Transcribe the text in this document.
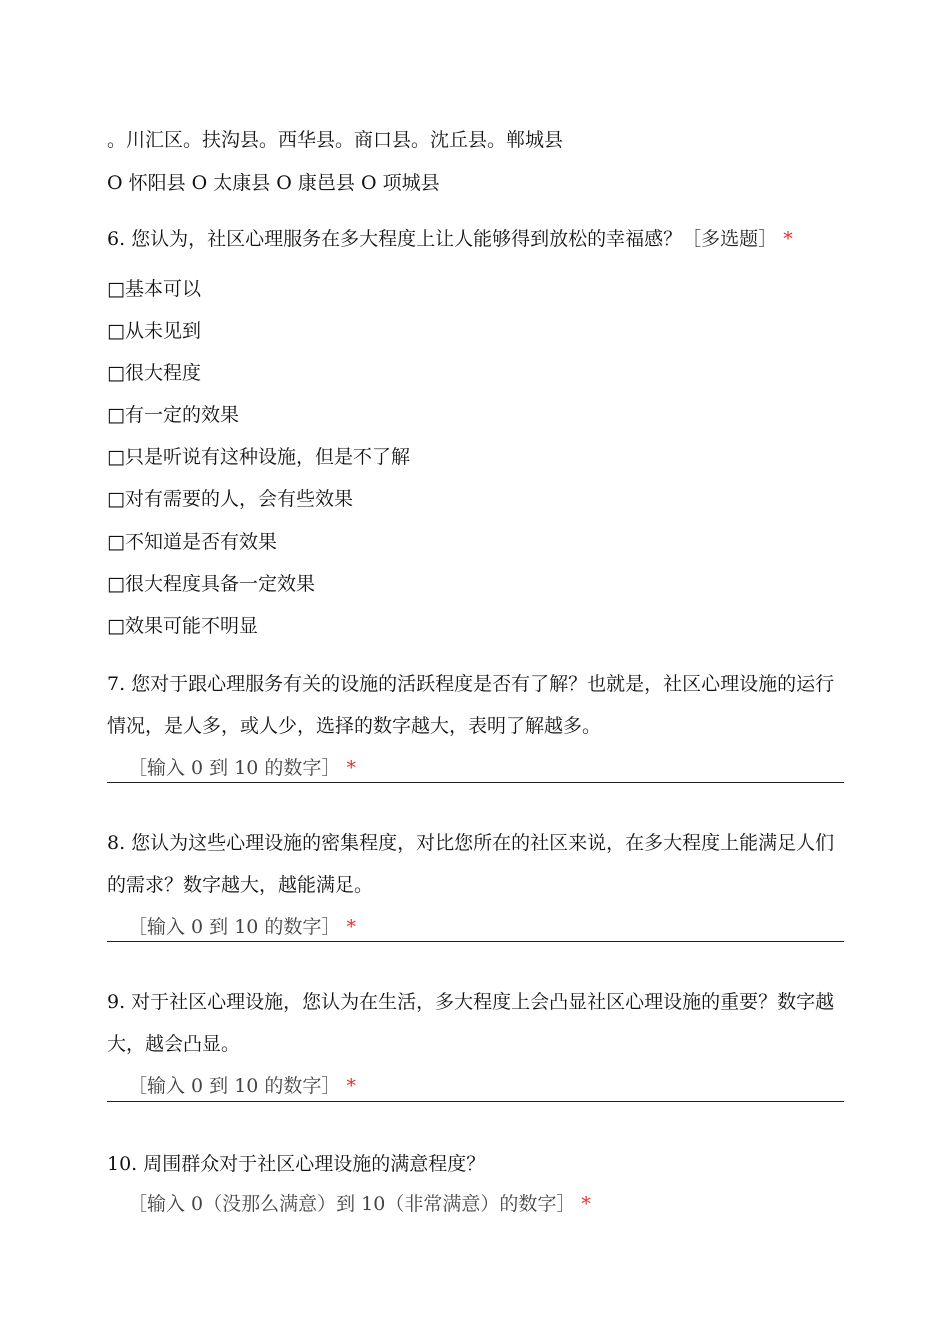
。川汇区。扶沟县。西华县。商口县。沈丘县。郸城县
O 怀阳县 O 太康县 O 康邑县 O 项城县
6. 您认为，社区心理服务在多大程度上让人能够得到放松的幸福感？［多选题］ *
□基本可以
□从未见到
□很大程度
□有一定的效果
□只是听说有这种设施，但是不了解
□对有需要的人，会有些效果
□不知道是否有效果
□很大程度具备一定效果
□效果可能不明显
7. 您对于跟心理服务有关的设施的活跃程度是否有了解？也就是，社区心理设施的运行情况，是人多，或人少，选择的数字越大，表明了解越多。
［输入 0 到 10 的数字］ *
8. 您认为这些心理设施的密集程度，对比您所在的社区来说，在多大程度上能满足人们的需求？数字越大，越能满足。
［输入 0 到 10 的数字］ *
9. 对于社区心理设施，您认为在生活，多大程度上会凸显社区心理设施的重要？数字越大，越会凸显。
［输入 0 到 10 的数字］ *
10. 周围群众对于社区心理设施的满意程度？
［输入 0（没那么满意）到 10（非常满意）的数字］ *
